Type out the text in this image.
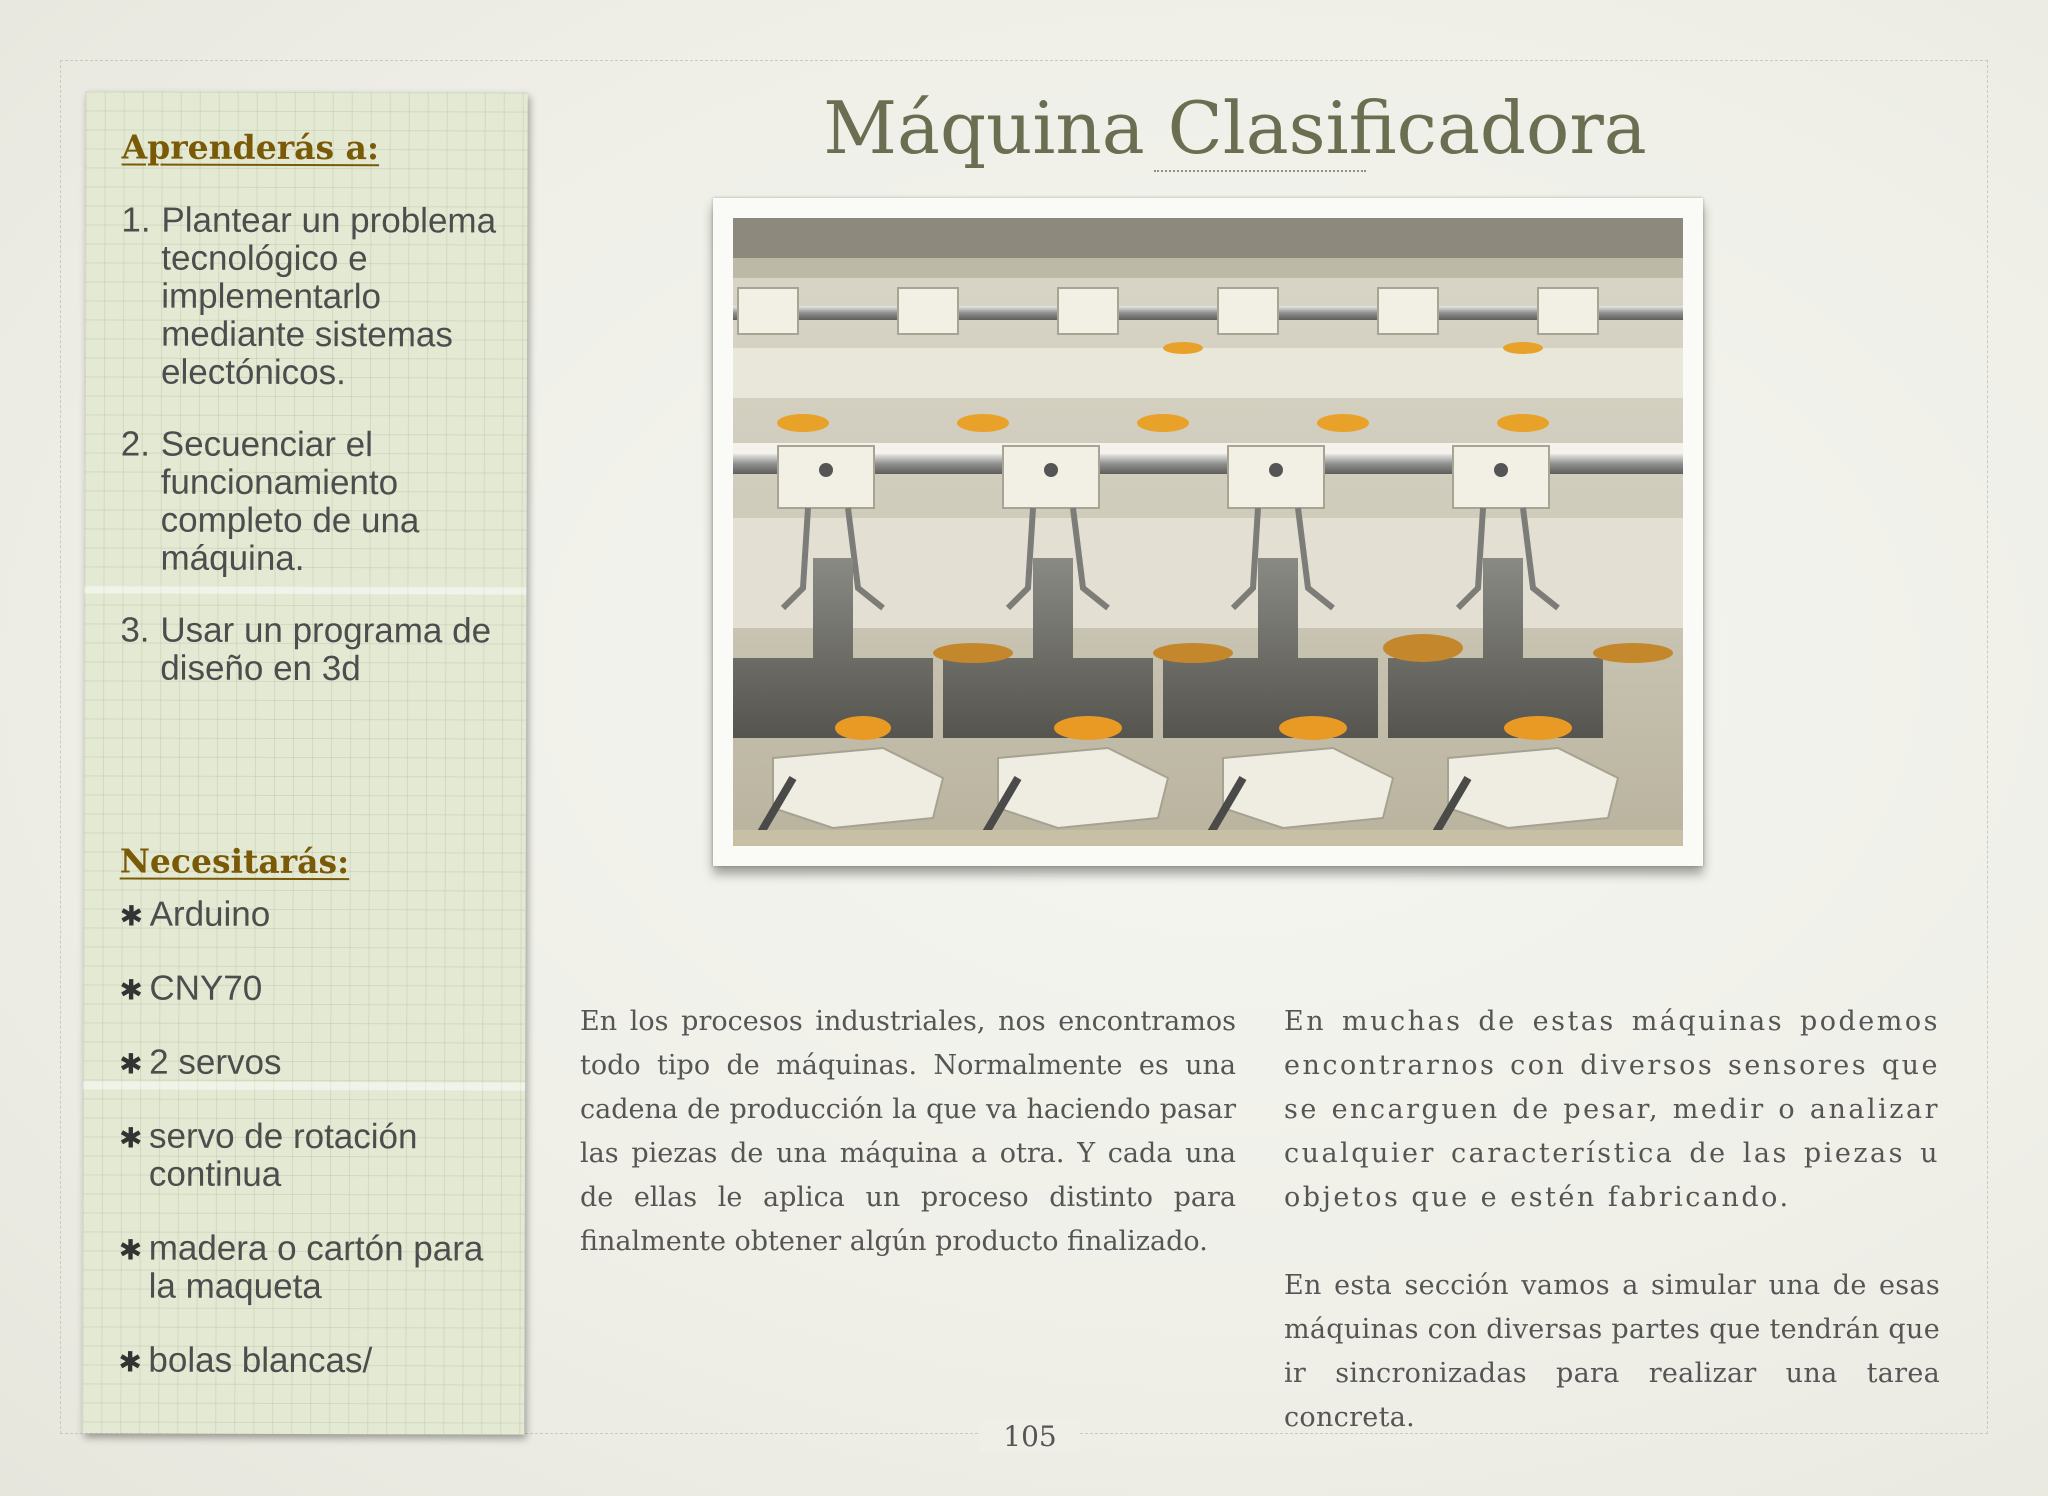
Aprenderás a:
1. Plantear un problema tecnológico e implementarlo mediante sistemas electónicos.
2. Secuenciar el funcionamiento completo de una máquina.
3. Usar un programa de diseño en 3d
Necesitarás:
✱ Arduino
✱ CNY70
✱ 2 servos
✱ servo de rotación continua
✱ madera o cartón para la maqueta
✱ bolas blancas/
Máquina Clasificadora

En los procesos industriales, nos encontramos todo tipo de máquinas. Normalmente es una cadena de producción la que va haciendo pasar las piezas de una máquina a otra. Y cada una de ellas le aplica un proceso distinto para finalmente obtener algún producto finalizado.

En muchas de estas máquinas podemos encontrarnos con diversos sensores que se encarguen de pesar, medir o analizar cualquier característica de las piezas u objetos que e estén fabricando.

En esta sección vamos a simular una de esas máquinas con diversas partes que tendrán que ir sincronizadas para realizar una tarea concreta.

105
